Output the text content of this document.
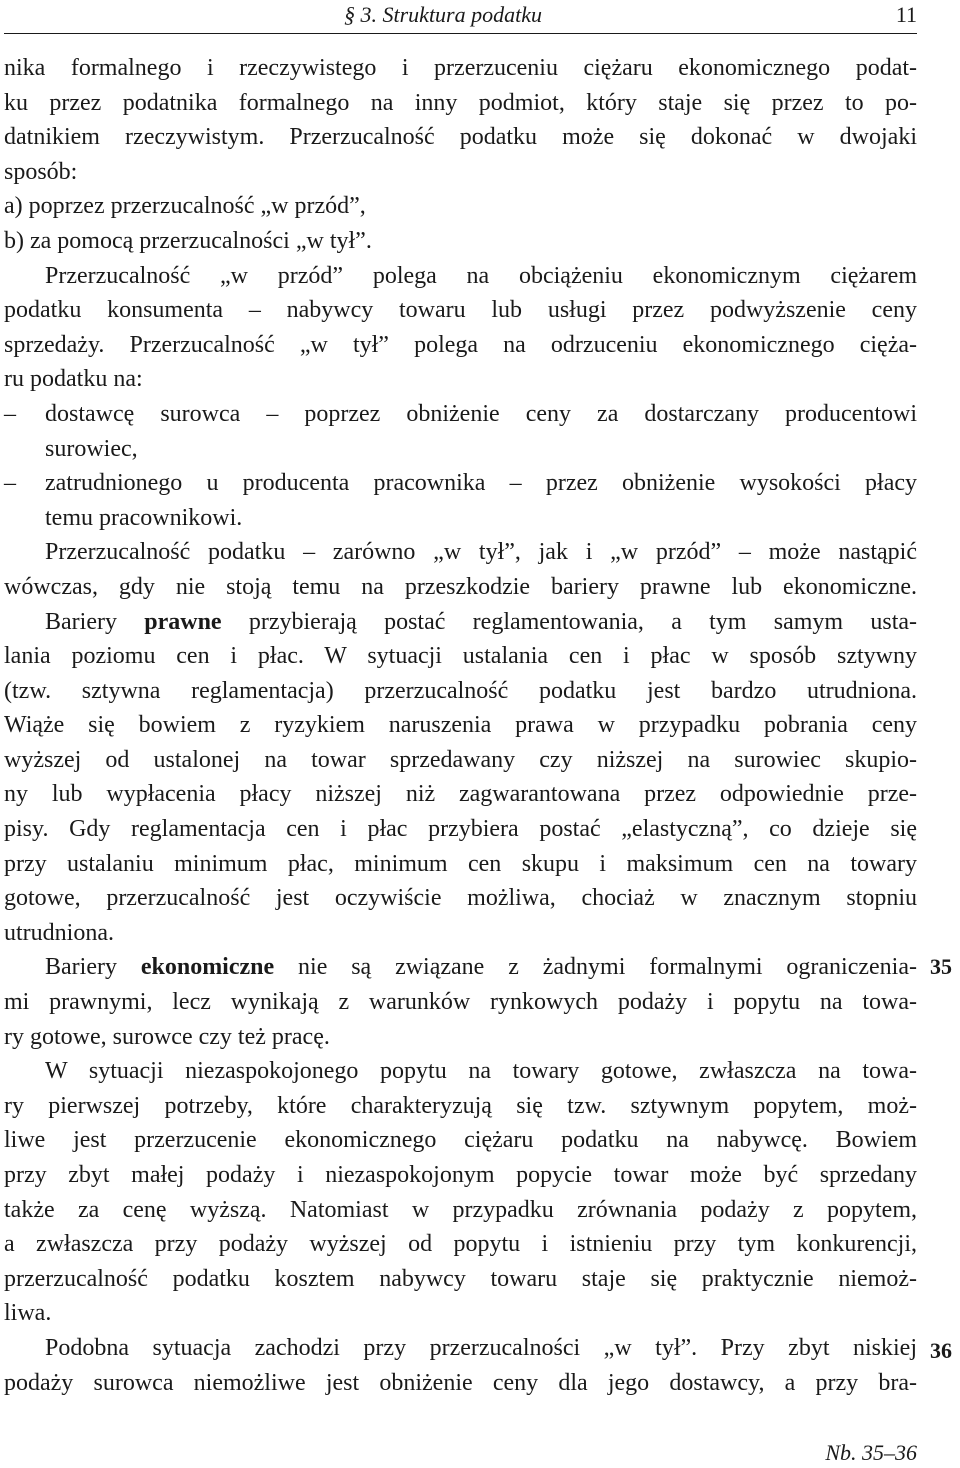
§ 3. Struktura podatku	11
nika formalnego i rzeczywistego i przerzuceniu ciężaru ekonomicznego podat-
ku przez podatnika formalnego na inny podmiot, który staje się przez to po-
datnikiem rzeczywistym. Przerzucalność podatku może się dokonać w dwojaki
sposób:
a) poprzez przerzucalność „w przód”,
b) za pomocą przerzucalności „w tył”.
Przerzucalność „w przód” polega na obciążeniu ekonomicznym ciężarem
podatku konsumenta – nabywcy towaru lub usługi przez podwyższenie ceny
sprzedaży. Przerzucalność „w tył” polega na odrzuceniu ekonomicznego cięża-
ru podatku na:
– dostawcę surowca – poprzez obniżenie ceny za dostarczany producentowi
surowiec,
– zatrudnionego u producenta pracownika – przez obniżenie wysokości płacy
temu pracownikowi.
Przerzucalność podatku – zarówno „w tył”, jak i „w przód” – może nastąpić
wówczas, gdy nie stoją temu na przeszkodzie bariery prawne lub ekonomiczne.
Bariery prawne przybierają postać reglamentowania, a tym samym usta-
lania poziomu cen i płac. W sytuacji ustalania cen i płac w sposób sztywny
(tzw. sztywna reglamentacja) przerzucalność podatku jest bardzo utrudniona.
Wiąże się bowiem z ryzykiem naruszenia prawa w przypadku pobrania ceny
wyższej od ustalonej na towar sprzedawany czy niższej na surowiec skupio-
ny lub wypłacenia płacy niższej niż zagwarantowana przez odpowiednie prze-
pisy. Gdy reglamentacja cen i płac przybiera postać „elastyczną”, co dzieje się
przy ustalaniu minimum płac, minimum cen skupu i maksimum cen na towary
gotowe, przerzucalność jest oczywiście możliwa, chociaż w znacznym stopniu
utrudniona.
Bariery ekonomiczne nie są związane z żadnymi formalnymi ograniczenia-
mi prawnymi, lecz wynikają z warunków rynkowych podaży i popytu na towa-
ry gotowe, surowce czy też pracę.
W sytuacji niezaspokojonego popytu na towary gotowe, zwłaszcza na towa-
ry pierwszej potrzeby, które charakteryzują się tzw. sztywnym popytem, moż-
liwe jest przerzucenie ekonomicznego ciężaru podatku na nabywcę. Bowiem
przy zbyt małej podaży i niezaspokojonym popycie towar może być sprzedany
także za cenę wyższą. Natomiast w przypadku zrównania podaży z popytem,
a zwłaszcza przy podaży wyższej od popytu i istnieniu przy tym konkurencji,
przerzucalność podatku kosztem nabywcy towaru staje się praktycznie niemoż-
liwa.
Podobna sytuacja zachodzi przy przerzucalności „w tył”. Przy zbyt niskiej
podaży surowca niemożliwe jest obniżenie ceny dla jego dostawcy, a przy bra-
35
36
Nb. 35–36
